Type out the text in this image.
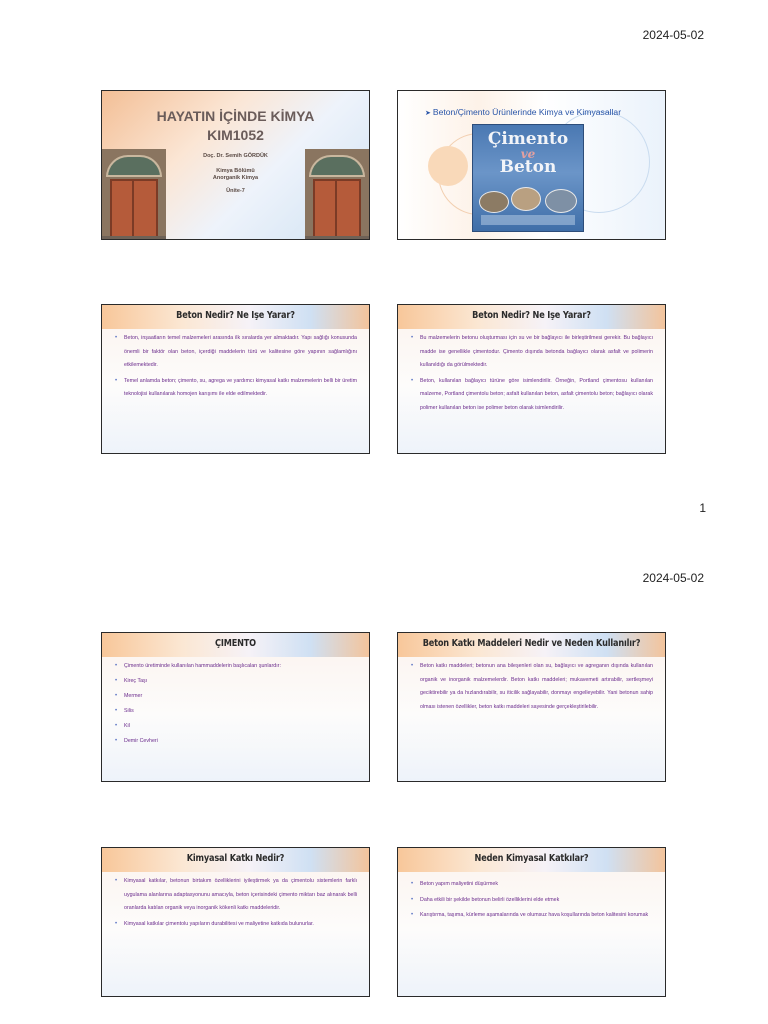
2024-05-02
HAYATIN İÇİNDE KİMYA
KIM1052
Doç. Dr. Semih GÖRDÜK
Kimya Bölümü
Anorganik Kimya
Ünite-7
➤ Beton/Çimento Ürünlerinde Kimya ve Kimyasallar
Çimento
ve
Beton
Beton Nedir? Ne İşe Yarar?
• Beton, inşaatların temel malzemeleri arasında ilk sıralarda yer almaktadır. Yapı sağlığı konusunda önemli bir faktör olan beton, içerdiği maddelerin türü ve kalitesine göre yapının sağlamlığını etkilemektedir.
• Temel anlamda beton; çimento, su, agrega ve yardımcı kimyasal katkı malzemelerin belli bir üretim teknolojisi kullanılarak homojen karışımı ile elde edilmektedir.
Beton Nedir? Ne İşe Yarar?
• Bu malzemelerin betonu oluşturması için su ve bir bağlayıcı ile birleştirilmesi gerekir. Bu bağlayıcı madde ise genellikle çimentodur. Çimento dışında betonda bağlayıcı olarak asfalt ve polimerin kullanıldığı da görülmektedir.
• Beton, kullanılan bağlayıcı türüne göre isimlendirilir. Örneğin, Portland çimentosu kullanılan malzeme, Portland çimentolu beton; asfalt kullanılan beton, asfalt çimentolu beton; bağlayıcı olarak polimer kullanılan beton ise polimer beton olarak isimlendirilir.
1
2024-05-02
ÇİMENTO
• Çimento üretiminde kullanılan hammaddelerin başlıcaları şunlardır:
• Kireç Taşı
• Mermer
• Silis
• Kil
• Demir Cevheri
Beton Katkı Maddeleri Nedir ve Neden Kullanılır?
• Beton katkı maddeleri; betonun ana bileşenleri olan su, bağlayıcı ve agreganın dışında kullanılan organik ve inorganik malzemelerdir. Beton katkı maddeleri; mukavemeti artırabilir, sertleşmeyi geciktirebilir ya da hızlandırabilir, su iticilik sağlayabilir, donmayı engelleyebilir. Yani betonun sahip olması istenen özellikler, beton katkı maddeleri sayesinde gerçekleştirilebilir.
Kimyasal Katkı Nedir?
• Kimyasal katkılar, betonun birtakım özelliklerini iyileştirmek ya da çimentolu sistemlerin farklı uygulama alanlarına adaptasyonunu amacıyla, beton içerisindeki çimento miktarı baz alınarak belli oranlarda katılan organik veya inorganik kökenli katkı maddeleridir.
• Kimyasal katkılar çimentolu yapıların durabilitesi ve maliyetine katkıda bulunurlar.
Neden Kimyasal Katkılar?
• Beton yapım maliyetini düşürmek
• Daha etkili bir şekilde betonun belirli özelliklerini elde etmek
• Karıştırma, taşıma, kürleme aşamalarında ve olumsuz hava koşullarında beton kalitesini korumak
